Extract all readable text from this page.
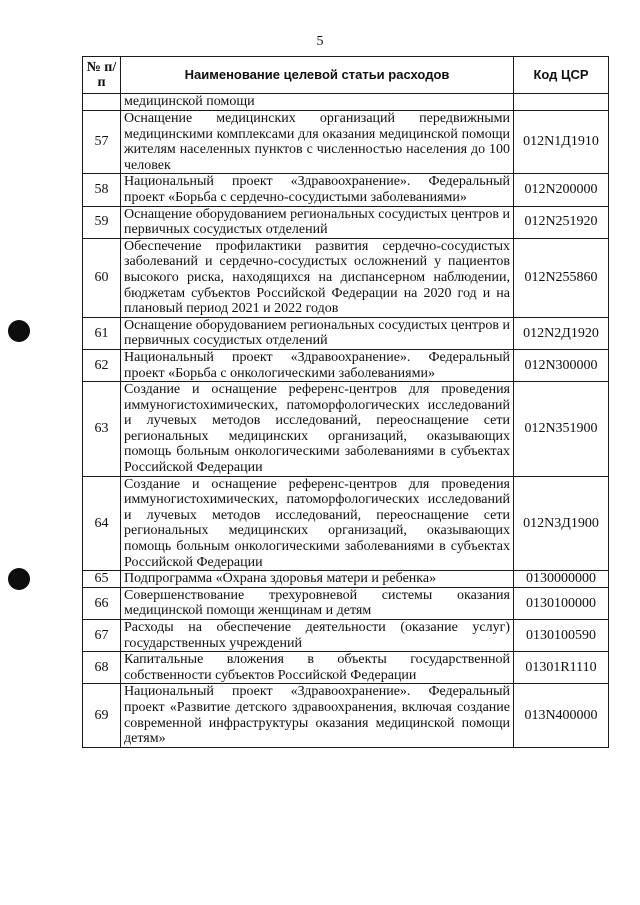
5
№ п/п	Наименование целевой статьи расходов	Код ЦСР
	медицинской помощи	
57	Оснащение медицинских организаций передвижными медицинскими комплексами для оказания медицинской помощи жителям населенных пунктов с численностью населения до 100 человек	012N1Д1910
58	Национальный проект «Здравоохранение». Федеральный проект «Борьба с сердечно-сосудистыми заболеваниями»	012N200000
59	Оснащение оборудованием региональных сосудистых центров и первичных сосудистых отделений	012N251920
60	Обеспечение профилактики развития сердечно-сосудистых заболеваний и сердечно-сосудистых осложнений у пациентов высокого риска, находящихся на диспансерном наблюдении, бюджетам субъектов Российской Федерации на 2020 год и на плановый период 2021 и 2022 годов	012N255860
61	Оснащение оборудованием региональных сосудистых центров и первичных сосудистых отделений	012N2Д1920
62	Национальный проект «Здравоохранение». Федеральный проект «Борьба с онкологическими заболеваниями»	012N300000
63	Создание и оснащение референс-центров для проведения иммуногистохимических, патоморфологических исследований и лучевых методов исследований, переоснащение сети региональных медицинских организаций, оказывающих помощь больным онкологическими заболеваниями в субъектах Российской Федерации	012N351900
64	Создание и оснащение референс-центров для проведения иммуногистохимических, патоморфологических исследований и лучевых методов исследований, переоснащение сети региональных медицинских организаций, оказывающих помощь больным онкологическими заболеваниями в субъектах Российской Федерации	012N3Д1900
65	Подпрограмма «Охрана здоровья матери и ребенка»	0130000000
66	Совершенствование трехуровневой системы оказания медицинской помощи женщинам и детям	0130100000
67	Расходы на обеспечение деятельности (оказание услуг) государственных учреждений	0130100590
68	Капитальные вложения в объекты государственной собственности субъектов Российской Федерации	01301R1110
69	Национальный проект «Здравоохранение». Федеральный проект «Развитие детского здравоохранения, включая создание современной инфраструктуры оказания медицинской помощи детям»	013N400000
